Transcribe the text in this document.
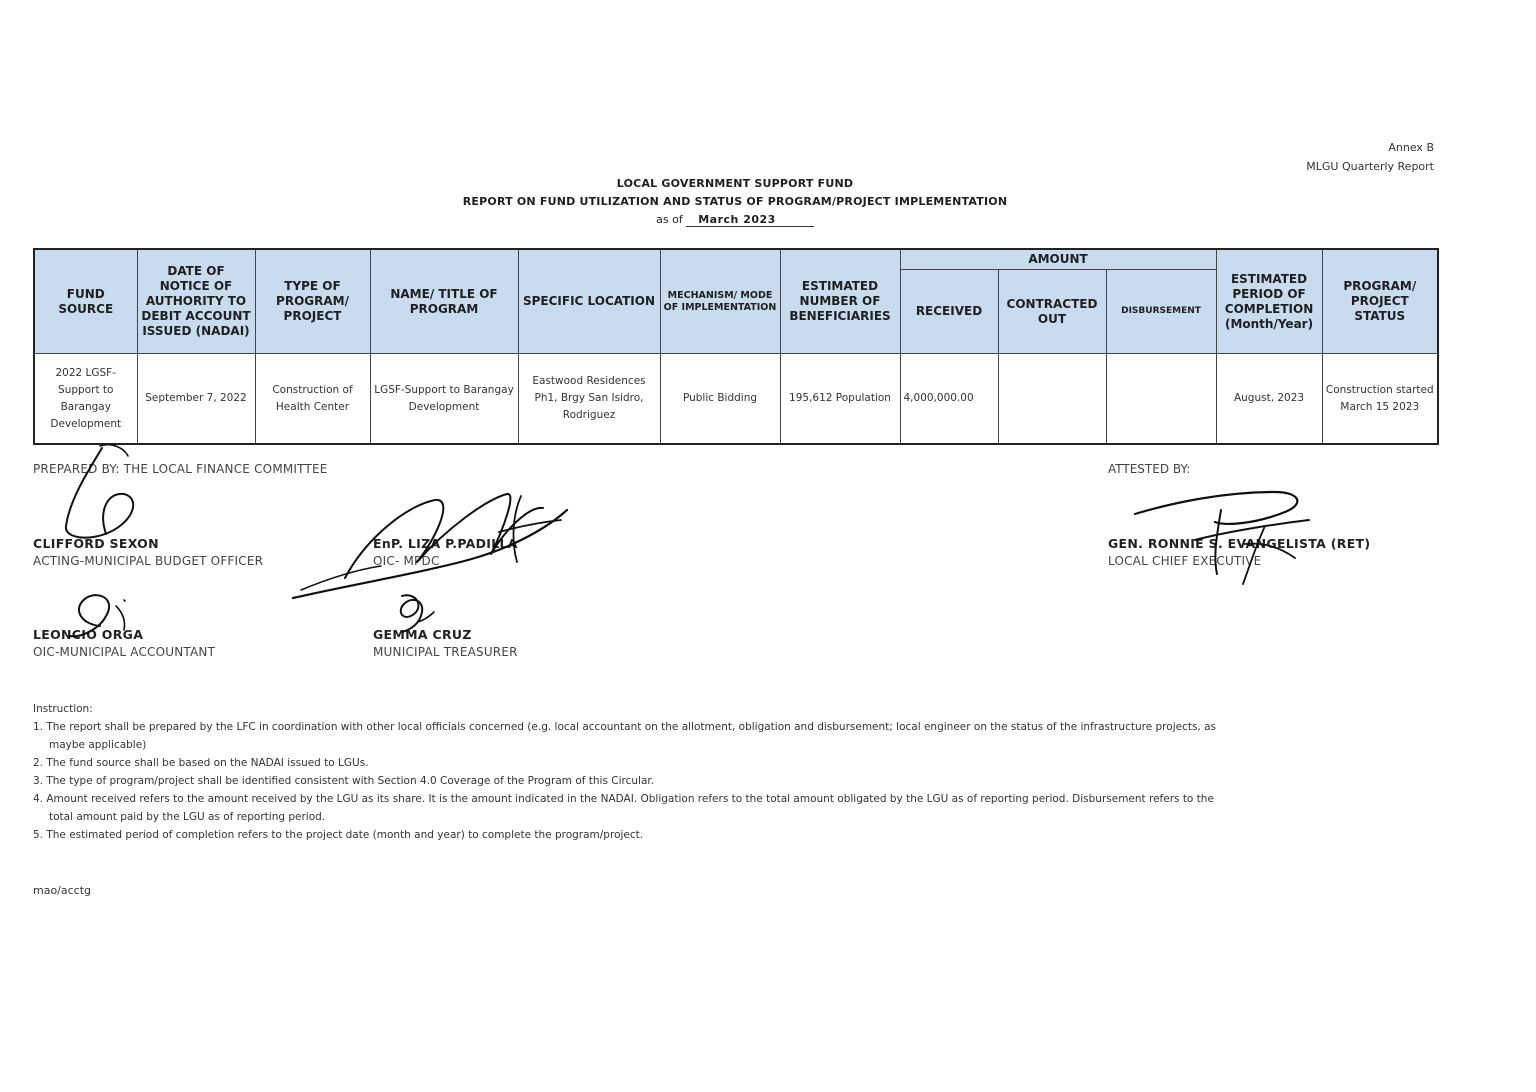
Annex B
MLGU Quarterly Report
LOCAL GOVERNMENT SUPPORT FUND
REPORT ON FUND UTILIZATION AND STATUS OF PROGRAM/PROJECT IMPLEMENTATION
as of March 2023
FUND SOURCE	DATE OF NOTICE OF AUTHORITY TO DEBIT ACCOUNT ISSUED (NADAI)	TYPE OF PROGRAM/ PROJECT	NAME/ TITLE OF PROGRAM	SPECIFIC LOCATION	MECHANISM/ MODE OF IMPLEMENTATION	ESTIMATED NUMBER OF BENEFICIARIES	AMOUNT			ESTIMATED PERIOD OF COMPLETION (Month/Year)	PROGRAM/ PROJECT STATUS
							RECEIVED	CONTRACTED OUT	DISBURSEMENT		
2022 LGSF-Support to Barangay Development	September 7, 2022	Construction of Health Center	LGSF-Support to Barangay Development	Eastwood Residences Ph1, Brgy San Isidro, Rodriguez	Public Bidding	195,612 Population	4,000,000.00			August, 2023	Construction started March 15 2023
PREPARED BY: THE LOCAL FINANCE COMMITTEE	ATTESTED BY:
CLIFFORD SEXON
ACTING-MUNICIPAL BUDGET OFFICER
EnP. LIZA P.PADILLA
OIC- MPDC
LEONCIO ORGA
OIC-MUNICIPAL ACCOUNTANT
GEMMA CRUZ
MUNICIPAL TREASURER
GEN. RONNIE S. EVANGELISTA (RET)
LOCAL CHIEF EXECUTIVE
Instruction:
1. The report shall be prepared by the LFC in coordination with other local officials concerned (e.g. local accountant on the allotment, obligation and disbursement; local engineer on the status of the infrastructure projects, as maybe applicable)
2. The fund source shall be based on the NADAI issued to LGUs.
3. The type of program/project shall be identified consistent with Section 4.0 Coverage of the Program of this Circular.
4. Amount received refers to the amount received by the LGU as its share. It is the amount indicated in the NADAI. Obligation refers to the total amount obligated by the LGU as of reporting period. Disbursement refers to the total amount paid by the LGU as of reporting period.
5. The estimated period of completion refers to the project date (month and year) to complete the program/project.
mao/acctg
